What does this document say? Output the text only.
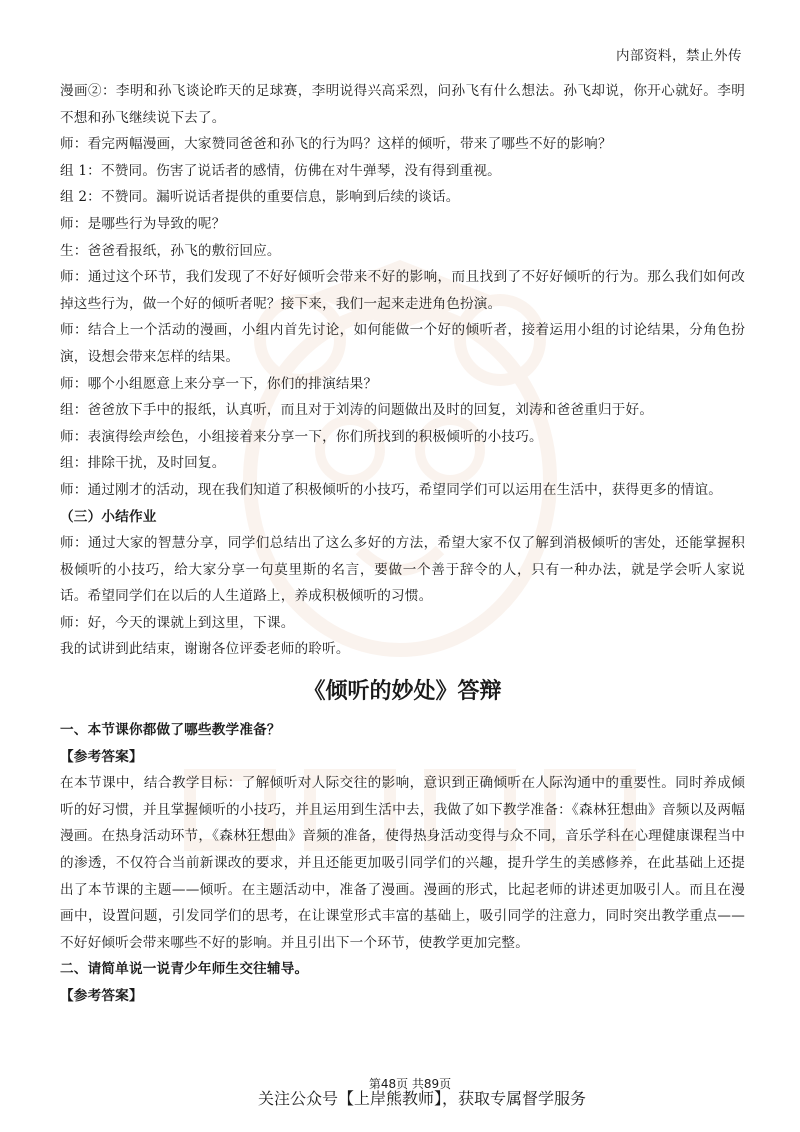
内部资料，禁止外传

漫画②：李明和孙飞谈论昨天的足球赛，李明说得兴高采烈，问孙飞有什么想法。孙飞却说，你开心就好。李明不想和孙飞继续说下去了。

师：看完两幅漫画，大家赞同爸爸和孙飞的行为吗？这样的倾听，带来了哪些不好的影响？

组 1：不赞同。伤害了说话者的感情，仿佛在对牛弹琴，没有得到重视。

组 2：不赞同。漏听说话者提供的重要信息，影响到后续的谈话。

师：是哪些行为导致的呢？

生：爸爸看报纸，孙飞的敷衍回应。

师：通过这个环节，我们发现了不好好倾听会带来不好的影响，而且找到了不好好倾听的行为。那么我们如何改掉这些行为，做一个好的倾听者呢？接下来，我们一起来走进角色扮演。

师：结合上一个活动的漫画，小组内首先讨论，如何能做一个好的倾听者，接着运用小组的讨论结果，分角色扮演，设想会带来怎样的结果。

师：哪个小组愿意上来分享一下，你们的排演结果？

组：爸爸放下手中的报纸，认真听，而且对于刘涛的问题做出及时的回复，刘涛和爸爸重归于好。

师：表演得绘声绘色，小组接着来分享一下，你们所找到的积极倾听的小技巧。

组：排除干扰，及时回复。

师：通过刚才的活动，现在我们知道了积极倾听的小技巧，希望同学们可以运用在生活中，获得更多的情谊。

（三）小结作业

师：通过大家的智慧分享，同学们总结出了这么多好的方法，希望大家不仅了解到消极倾听的害处，还能掌握积极倾听的小技巧，给大家分享一句莫里斯的名言，要做一个善于辞令的人，只有一种办法，就是学会听人家说话。希望同学们在以后的人生道路上，养成积极倾听的习惯。

师：好，今天的课就上到这里，下课。

我的试讲到此结束，谢谢各位评委老师的聆听。

《倾听的妙处》答辩

一、本节课你都做了哪些教学准备？

【参考答案】

在本节课中，结合教学目标：了解倾听对人际交往的影响，意识到正确倾听在人际沟通中的重要性。同时养成倾听的好习惯，并且掌握倾听的小技巧，并且运用到生活中去，我做了如下教学准备：《森林狂想曲》音频以及两幅漫画。在热身活动环节，《森林狂想曲》音频的准备，使得热身活动变得与众不同，音乐学科在心理健康课程当中的渗透，不仅符合当前新课改的要求，并且还能更加吸引同学们的兴趣，提升学生的美感修养，在此基础上还提出了本节课的主题——倾听。在主题活动中，准备了漫画。漫画的形式，比起老师的讲述更加吸引人。而且在漫画中，设置问题，引发同学们的思考，在让课堂形式丰富的基础上，吸引同学的注意力，同时突出教学重点——不好好倾听会带来哪些不好的影响。并且引出下一个环节，使教学更加完整。

二、请简单说一说青少年师生交往辅导。

【参考答案】

第48页 共89页
关注公众号【上岸熊教师】，获取专属督学服务
